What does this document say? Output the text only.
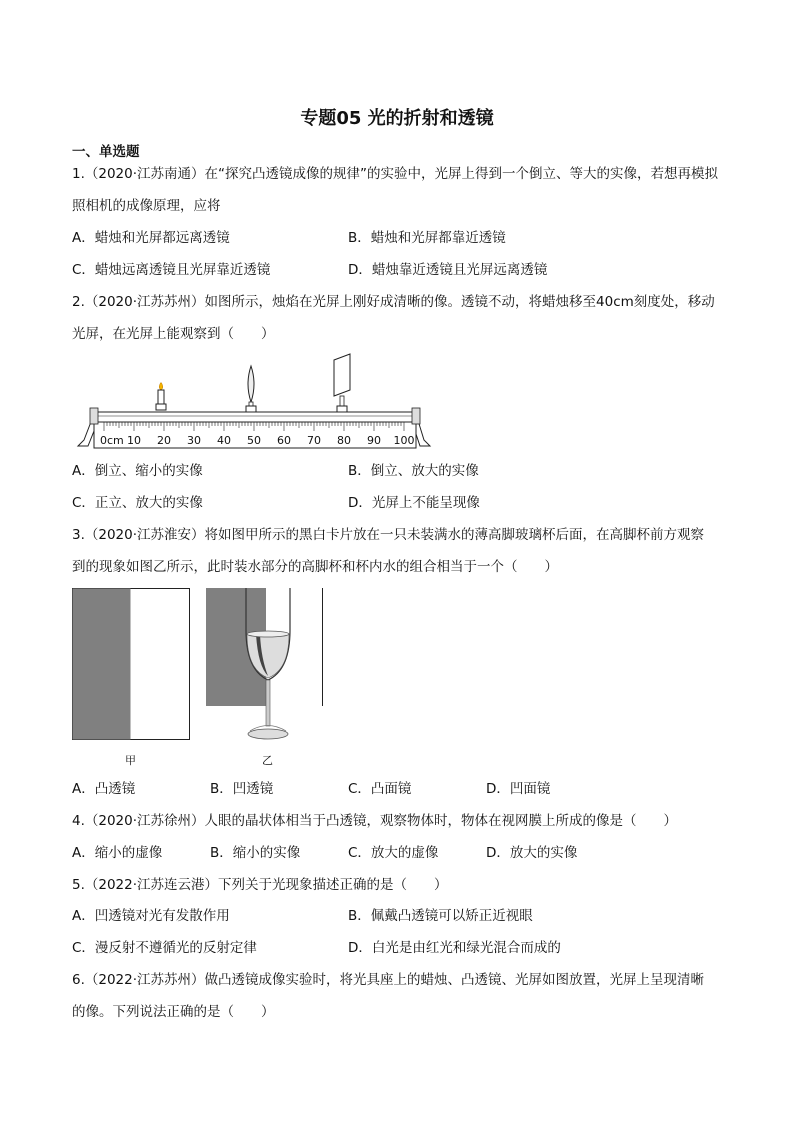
专题05 光的折射和透镜
一、单选题
1.（2020·江苏南通）在“探究凸透镜成像的规律”的实验中，光屏上得到一个倒立、等大的实像，若想再模拟
照相机的成像原理，应将
A．蜡烛和光屏都远离透镜	B．蜡烛和光屏都靠近透镜
C．蜡烛远离透镜且光屏靠近透镜	D．蜡烛靠近透镜且光屏远离透镜
2.（2020·江苏苏州）如图所示，烛焰在光屏上刚好成清晰的像。透镜不动，将蜡烛移至40cm刻度处，移动
光屏，在光屏上能观察到（　　）
0cm 10 20 30 40 50 60 70 80 90 100
A．倒立、缩小的实像	B．倒立、放大的实像
C．正立、放大的实像	D．光屏上不能呈现像
3.（2020·江苏淮安）将如图甲所示的黑白卡片放在一只未装满水的薄高脚玻璃杯后面，在高脚杯前方观察
到的现象如图乙所示，此时装水部分的高脚杯和杯内水的组合相当于一个（　　）
甲	乙
A．凸透镜	B．凹透镜	C．凸面镜	D．凹面镜
4.（2020·江苏徐州）人眼的晶状体相当于凸透镜，观察物体时，物体在视网膜上所成的像是（　　）
A．缩小的虚像	B．缩小的实像	C．放大的虚像	D．放大的实像
5.（2022·江苏连云港）下列关于光现象描述正确的是（　　）
A．凹透镜对光有发散作用	B．佩戴凸透镜可以矫正近视眼
C．漫反射不遵循光的反射定律	D．白光是由红光和绿光混合而成的
6.（2022·江苏苏州）做凸透镜成像实验时，将光具座上的蜡烛、凸透镜、光屏如图放置，光屏上呈现清晰
的像。下列说法正确的是（　　）
